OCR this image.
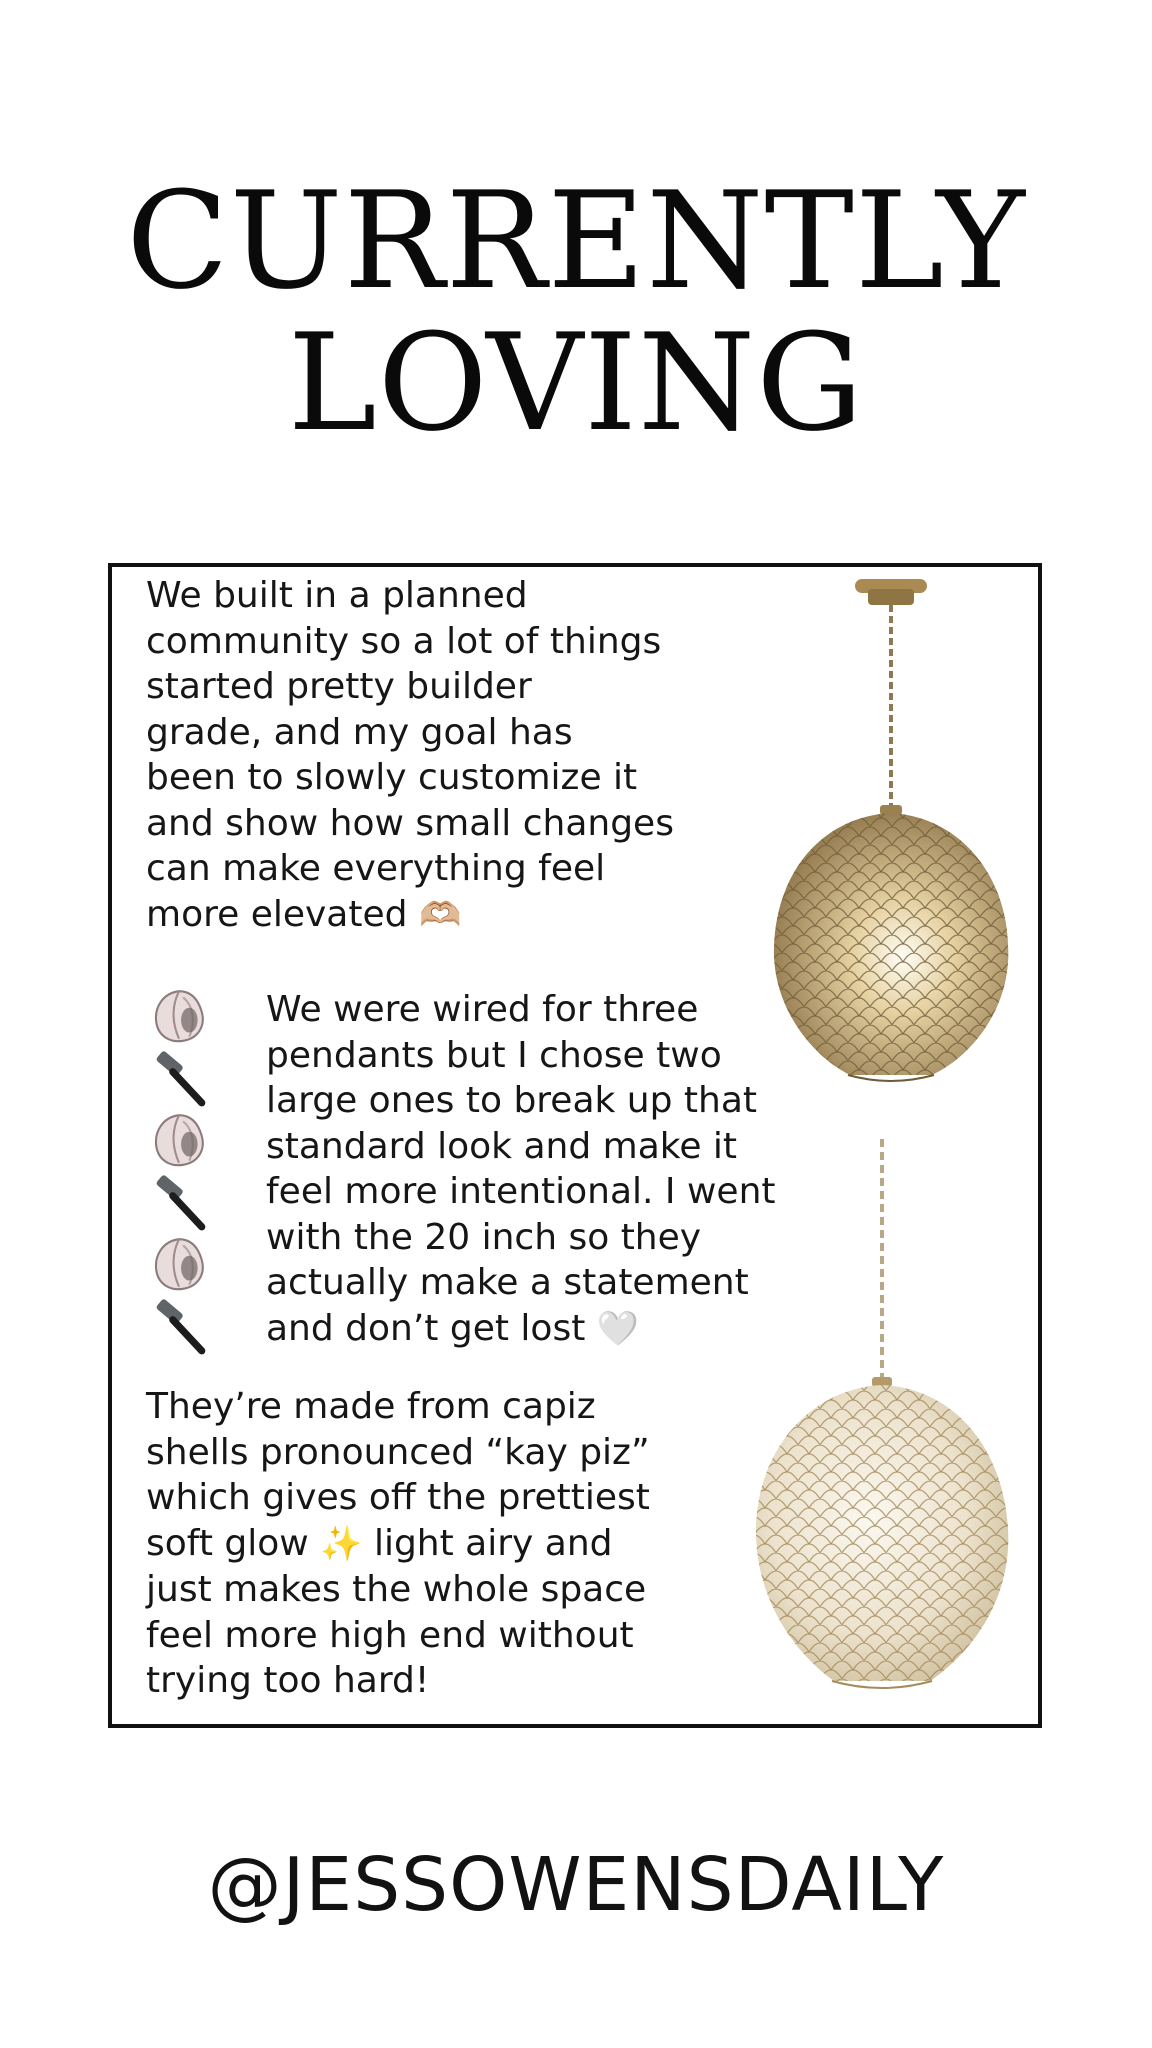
CURRENTLY
LOVING
We built in a planned
community so a lot of things
started pretty builder
grade, and my goal has
been to slowly customize it
and show how small changes
can make everything feel
more elevated 🫶🏼
We were wired for three
pendants but I chose two
large ones to break up that
standard look and make it
feel more intentional. I went
with the 20 inch so they
actually make a statement
and don’t get lost 🤍
They’re made from capiz
shells pronounced “kay piz”
which gives off the prettiest
soft glow ✨ light airy and
just makes the whole space
feel more high end without
trying too hard!
@JESSOWENSDAILY
